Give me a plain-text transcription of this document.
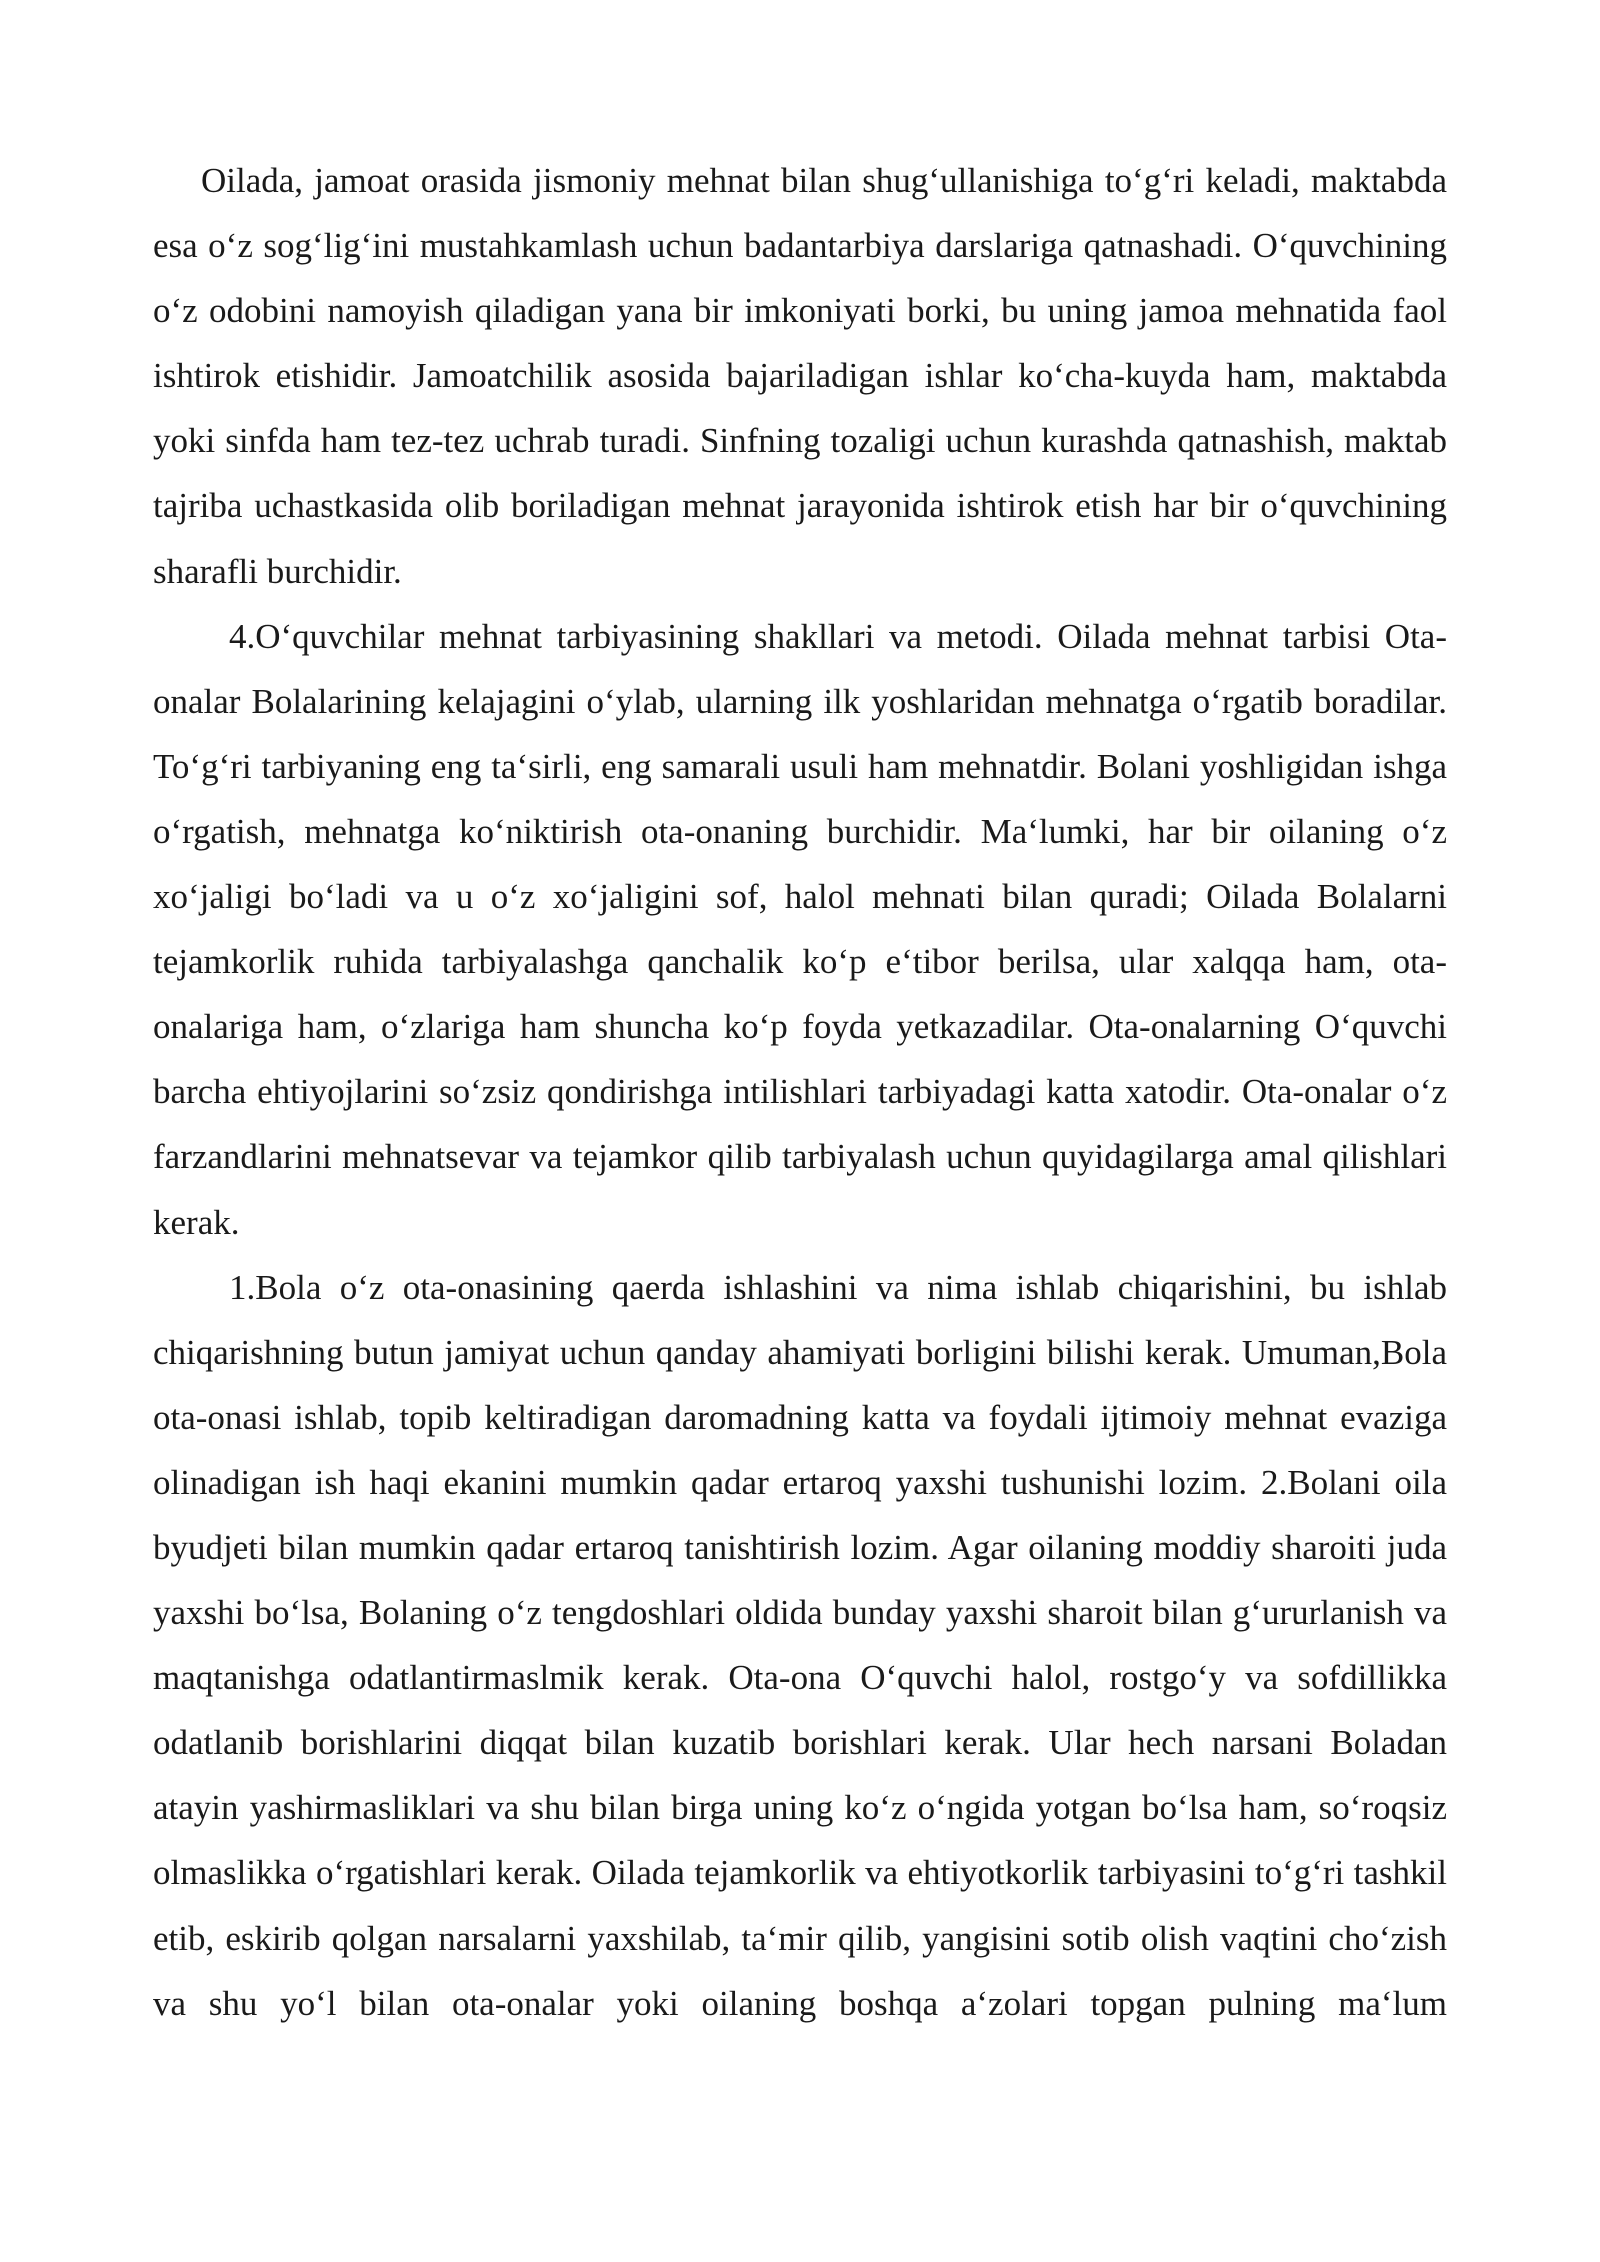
Oilada, jamoat orasida jismoniy mehnat bilan shugʻullanishiga toʻgʻri keladi, maktabda esa oʻz sogʻligʻini mustahkamlash uchun badantarbiya darslariga qatnashadi. Oʻquvchining oʻz odobini namoyish qiladigan yana bir imkoniyati borki, bu uning jamoa mehnatida faol ishtirok etishidir. Jamoatchilik asosida bajariladigan ishlar koʻcha-kuyda ham, maktabda yoki sinfda ham tez-tez uchrab turadi. Sinfning tozaligi uchun kurashda qatnashish, maktab tajriba uchastkasida olib boriladigan mehnat jarayonida ishtirok etish har bir oʻquvchining sharafli burchidir.

4.Oʻquvchilar mehnat tarbiyasining shakllari va metodi. Oilada mehnat tarbisi Ota-onalar Bolalarining kelajagini oʻylab, ularning ilk yoshlaridan mehnatga oʻrgatib boradilar. Toʻgʻri tarbiyaning eng taʻsirli, eng samarali usuli ham mehnatdir. Bolani yoshligidan ishga oʻrgatish, mehnatga koʻniktirish ota-onaning burchidir. Maʻlumki, har bir oilaning oʻz xoʻjaligi boʻladi va u oʻz xoʻjaligini sof, halol mehnati bilan quradi; Oilada Bolalarni tejamkorlik ruhida tarbiyalashga qanchalik koʻp eʻtibor berilsa, ular xalqqa ham, ota-onalariga ham, oʻzlariga ham shuncha koʻp foyda yetkazadilar. Ota-onalarning Oʻquvchi barcha ehtiyojlarini soʻzsiz qondirishga intilishlari tarbiyadagi katta xatodir. Ota-onalar oʻz farzandlarini mehnatsevar va tejamkor qilib tarbiyalash uchun quyidagilarga amal qilishlari kerak.

1.Bola oʻz ota-onasining qaerda ishlashini va nima ishlab chiqarishini, bu ishlab chiqarishning butun jamiyat uchun qanday ahamiyati borligini bilishi kerak. Umuman,Bola ota-onasi ishlab, topib keltiradigan daromadning katta va foydali ijtimoiy mehnat evaziga olinadigan ish haqi ekanini mumkin qadar ertaroq yaxshi tushunishi lozim. 2.Bolani oila byudjeti bilan mumkin qadar ertaroq tanishtirish lozim. Agar oilaning moddiy sharoiti juda yaxshi boʻlsa, Bolaning oʻz tengdoshlari oldida bunday yaxshi sharoit bilan gʻururlanish va maqtanishga odatlantirmaslmik kerak. Ota-ona Oʻquvchi halol, rostgoʻy va sofdillikka odatlanib borishlarini diqqat bilan kuzatib borishlari kerak. Ular hech narsani Boladan atayin yashirmasliklari va shu bilan birga uning koʻz oʻngida yotgan boʻlsa ham, soʻroqsiz olmaslikka oʻrgatishlari kerak. Oilada tejamkorlik va ehtiyotkorlik tarbiyasini toʻgʻri tashkil etib, eskirib qolgan narsalarni yaxshilab, taʻmir qilib, yangisini sotib olish vaqtini choʻzish va shu yoʻl bilan ota-onalar yoki oilaning boshqa aʻzolari topgan pulning maʻlum
